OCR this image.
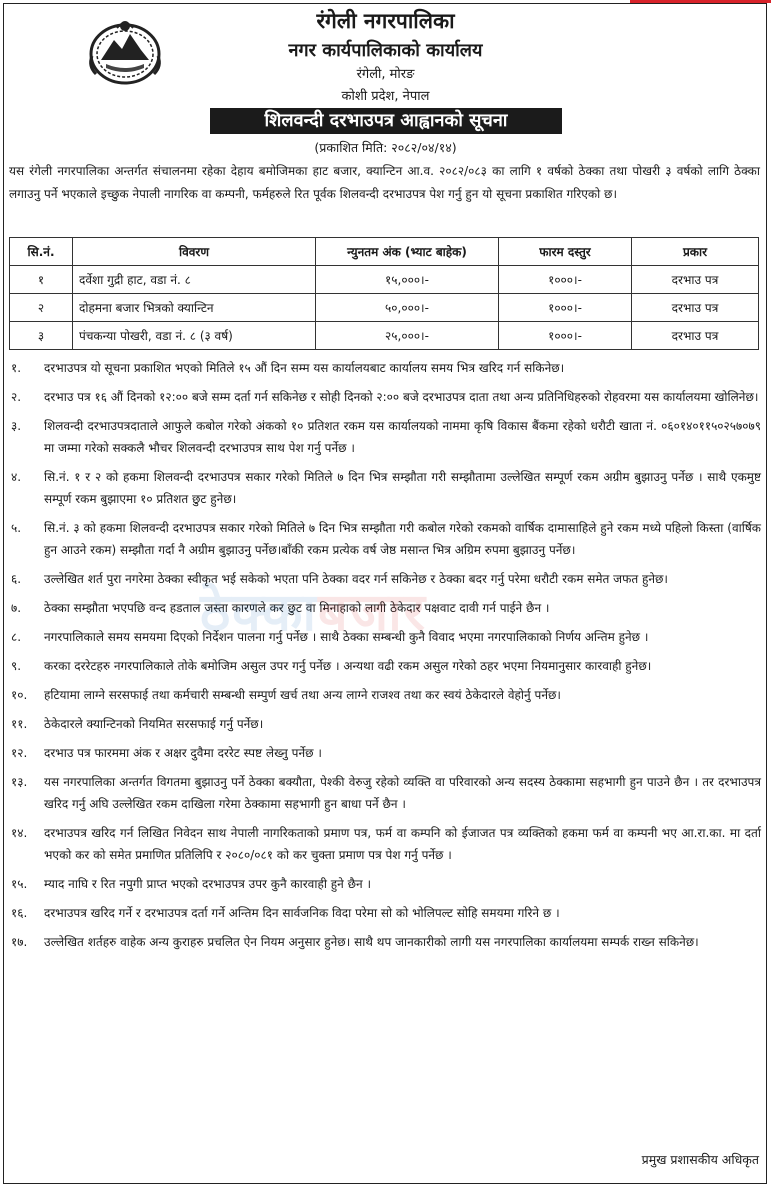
रंगेली नगरपालिका
नगर कार्यपालिकाको कार्यालय
रंगेली, मोरङ
कोशी प्रदेश, नेपाल
शिलवन्दी दरभाउपत्र आह्वानको सूचना
(प्रकाशित मिति: २०८२/०४/१४)
यस रंगेली नगरपालिका अन्तर्गत संचालनमा रहेका देहाय बमोजिमका हाट बजार, क्यान्टिन आ.व. २०८२/०८३ का लागि १ वर्षको ठेक्का तथा पोखरी ३ वर्षको लागि ठेक्का लगाउनु पर्ने भएकाले इच्छुक नेपाली नागरिक वा कम्पनी, फर्महरुले रित पूर्वक शिलवन्दी दरभाउपत्र पेश गर्नु हुन यो सूचना प्रकाशित गरिएको छ।
सि.नं.	विवरण	न्युनतम अंक (भ्याट बाहेक)	फारम दस्तुर	प्रकार
१	दर्वेशा गुद्री हाट, वडा नं. ८	१५,०००।-	१०००।-	दरभाउ पत्र
२	दोहमना बजार भित्रको क्यान्टिन	५०,०००।-	१०००।-	दरभाउ पत्र
३	पंचकन्या पोखरी, वडा नं. ८ (३ वर्ष)	२५,०००।-	१०००।-	दरभाउ पत्र
१. दरभाउपत्र यो सूचना प्रकाशित भएको मितिले १५ औं दिन सम्म यस कार्यालयबाट कार्यालय समय भित्र खरिद गर्न सकिनेछ।
२. दरभाउ पत्र १६ औं दिनको १२:०० बजे सम्म दर्ता गर्न सकिनेछ र सोही दिनको २:०० बजे दरभाउपत्र दाता तथा अन्य प्रतिनिधिहरुको रोहवरमा यस कार्यालयमा खोलिनेछ।
३. शिलवन्दी दरभाउपत्रदाताले आफुले कबोल गरेको अंकको १० प्रतिशत रकम यस कार्यालयको नाममा कृषि विकास बैंकमा रहेको धरौटी खाता नं. ०६०१४०११५०२५७०७९ मा जम्मा गरेको सक्कलै भौचर शिलवन्दी दरभाउपत्र साथ पेश गर्नु पर्नेछ ।
४. सि.नं. १ र २ को हकमा शिलवन्दी दरभाउपत्र सकार गरेको मितिले ७ दिन भित्र सम्झौता गरी सम्झौतामा उल्लेखित सम्पूर्ण रकम अग्रीम बुझाउनु पर्नेछ । साथै एकमुष्ट सम्पूर्ण रकम बुझाएमा १० प्रतिशत छुट हुनेछ।
५. सि.नं. ३ को हकमा शिलवन्दी दरभाउपत्र सकार गरेको मितिले ७ दिन भित्र सम्झौता गरी कबोल गरेको रकमको वार्षिक दामासाहिले हुने रकम मध्ये पहिलो किस्ता (वार्षिक हुन आउने रकम) सम्झौता गर्दा नै अग्रीम बुझाउनु पर्नेछ।बाँकी रकम प्रत्येक वर्ष जेष्ठ मसान्त भित्र अग्रिम रुपमा बुझाउनु पर्नेछ।
६. उल्लेखित शर्त पुरा नगरेमा ठेक्का स्वीकृत भई सकेको भएता पनि ठेक्का वदर गर्न सकिनेछ र ठेक्का बदर गर्नु परेमा धरौटी रकम समेत जफत हुनेछ।
७. ठेक्का सम्झौता भएपछि वन्द हडताल जस्ता कारणले कर छुट वा मिनाहाको लागी ठेकेदार पक्षवाट दावी गर्न पाईने छैन ।
८. नगरपालिकाले समय समयमा दिएको निर्देशन पालना गर्नु पर्नेछ । साथै ठेक्का सम्बन्धी कुनै विवाद भएमा नगरपालिकाको निर्णय अन्तिम हुनेछ ।
९. करका दररेटहरु नगरपालिकाले तोके बमोजिम असुल उपर गर्नु पर्नेछ । अन्यथा वढी रकम असुल गरेको ठहर भएमा नियमानुसार कारवाही हुनेछ।
१०. हटियामा लाग्ने सरसफाई तथा कर्मचारी सम्बन्धी सम्पुर्ण खर्च तथा अन्य लाग्ने राजश्व तथा कर स्वयं ठेकेदारले वेहोर्नु पर्नेछ।
११. ठेकेदारले क्यान्टिनको नियमित सरसफाई गर्नु पर्नेछ।
१२. दरभाउ पत्र फारममा अंक र अक्षर दुवैमा दररेट स्पष्ट लेख्नु पर्नेछ ।
१३. यस नगरपालिका अन्तर्गत विगतमा बुझाउनु पर्ने ठेक्का बक्यौता, पेश्की वेरुजु रहेको व्यक्ति वा परिवारको अन्य सदस्य ठेक्कामा सहभागी हुन पाउने छैन । तर दरभाउपत्र खरिद गर्नु अघि उल्लेखित रकम दाखिला गरेमा ठेक्कामा सहभागी हुन बाधा पर्ने छैन ।
१४. दरभाउपत्र खरिद गर्न लिखित निवेदन साथ नेपाली नागरिकताको प्रमाण पत्र, फर्म वा कम्पनि को ईजाजत पत्र व्यक्तिको हकमा फर्म वा कम्पनी भए आ.रा.का. मा दर्ता भएको कर को समेत प्रमाणित प्रतिलिपि र २०८०/०८१ को कर चुक्ता प्रमाण पत्र पेश गर्नु पर्नेछ ।
१५. म्याद नाघि र रित नपुगी प्राप्त भएको दरभाउपत्र उपर कुनै कारवाही हुने छैन ।
१६. दरभाउपत्र खरिद गर्ने र दरभाउपत्र दर्ता गर्ने अन्तिम दिन सार्वजनिक विदा परेमा सो को भोलिपल्ट सोहि समयमा गरिने छ ।
१७. उल्लेखित शर्तहरु वाहेक अन्य कुराहरु प्रचलित ऐन नियम अनुसार हुनेछ। साथै थप जानकारीको लागी यस नगरपालिका कार्यालयमा सम्पर्क राख्न सकिनेछ।
ठेक्काबजार
प्रमुख प्रशासकीय अधिकृत
